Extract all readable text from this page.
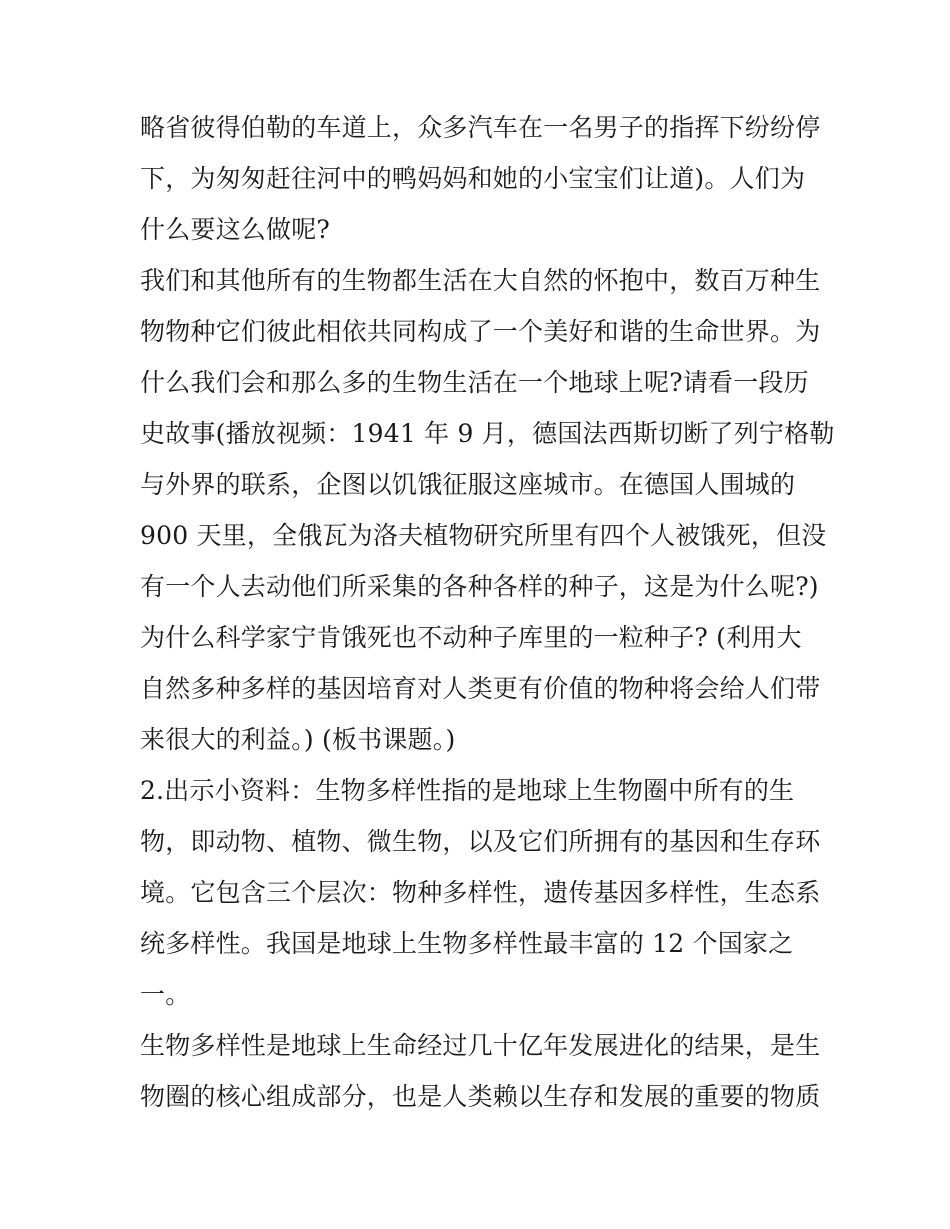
略省彼得伯勒的车道上，众多汽车在一名男子的指挥下纷纷停
下，为匆匆赶往河中的鸭妈妈和她的小宝宝们让道)。人们为
什么要这么做呢?
我们和其他所有的生物都生活在大自然的怀抱中，数百万种生
物物种它们彼此相依共同构成了一个美好和谐的生命世界。为
什么我们会和那么多的生物生活在一个地球上呢?请看一段历
史故事(播放视频：1941 年 9 月，德国法西斯切断了列宁格勒
与外界的联系，企图以饥饿征服这座城市。在德国人围城的
900 天里，全俄瓦为洛夫植物研究所里有四个人被饿死，但没
有一个人去动他们所采集的各种各样的种子，这是为什么呢?)
为什么科学家宁肯饿死也不动种子库里的一粒种子? (利用大
自然多种多样的基因培育对人类更有价值的物种将会给人们带
来很大的利益。) (板书课题。)
2.出示小资料：生物多样性指的是地球上生物圈中所有的生
物，即动物、植物、微生物，以及它们所拥有的基因和生存环
境。它包含三个层次：物种多样性，遗传基因多样性，生态系
统多样性。我国是地球上生物多样性最丰富的 12 个国家之
一。
生物多样性是地球上生命经过几十亿年发展进化的结果，是生
物圈的核心组成部分，也是人类赖以生存和发展的重要的物质
